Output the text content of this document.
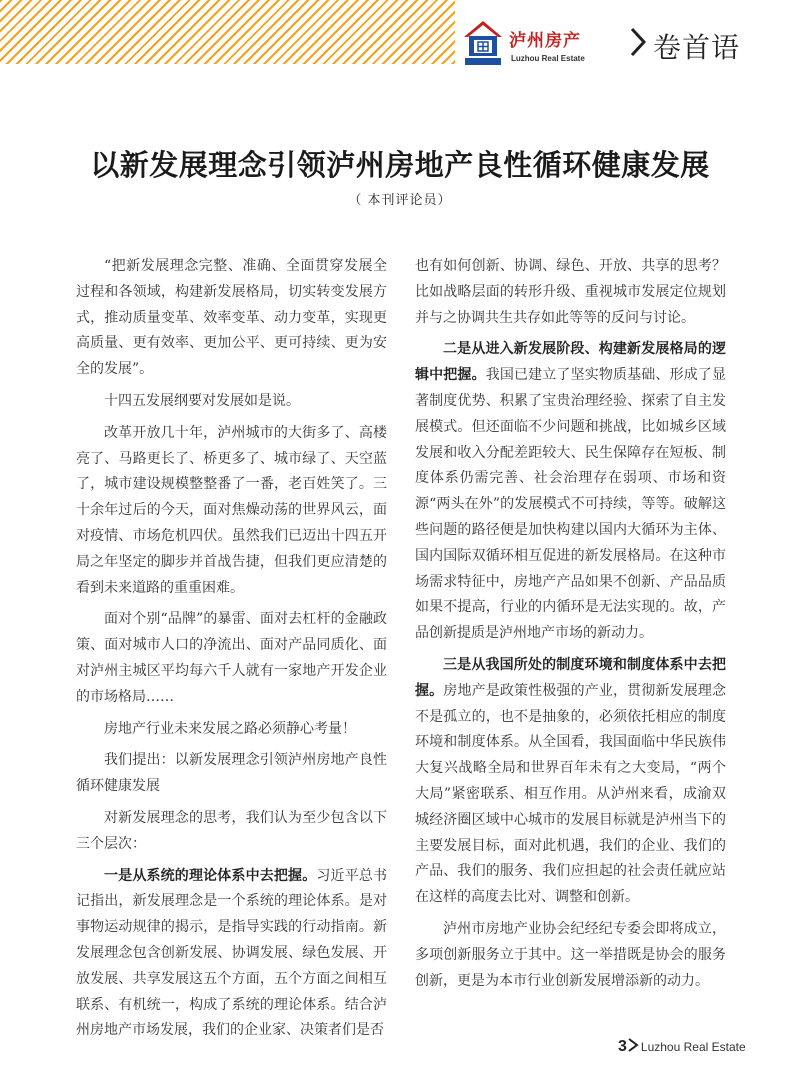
泸州房产
Luzhou Real Estate 卷首语
以新发展理念引领泸州房地产良性循环健康发展
（ 本刊评论员）

“把新发展理念完整、准确、全面贯穿发展全过程和各领域，构建新发展格局，切实转变发展方式，推动质量变革、效率变革、动力变革，实现更高质量、更有效率、更加公平、更可持续、更为安全的发展”。

十四五发展纲要对发展如是说。

改革开放几十年，泸州城市的大街多了、高楼亮了、马路更长了、桥更多了、城市绿了、天空蓝了，城市建设规模整整番了一番，老百姓笑了。三十余年过后的今天，面对焦燥动荡的世界风云，面对疫情、市场危机四伏。虽然我们已迈出十四五开局之年坚定的脚步并首战告捷，但我们更应清楚的看到未来道路的重重困难。

面对个别“品牌”的暴雷、面对去杠杆的金融政策、面对城市人口的净流出、面对产品同质化、面对泸州主城区平均每六千人就有一家地产开发企业的市场格局……

房地产行业未来发展之路必须静心考量！

我们提出：以新发展理念引领泸州房地产良性循环健康发展

对新发展理念的思考，我们认为至少包含以下三个层次：

一是从系统的理论体系中去把握。习近平总书记指出，新发展理念是一个系统的理论体系。是对事物运动规律的揭示，是指导实践的行动指南。新发展理念包含创新发展、协调发展、绿色发展、开放发展、共享发展这五个方面，五个方面之间相互联系、有机统一，构成了系统的理论体系。结合泸州房地产市场发展，我们的企业家、决策者们是否

也有如何创新、协调、绿色、开放、共享的思考？比如战略层面的转形升级、重视城市发展定位规划并与之协调共生共存如此等等的反问与讨论。

二是从进入新发展阶段、构建新发展格局的逻辑中把握。我国已建立了坚实物质基础、形成了显著制度优势、积累了宝贵治理经验、探索了自主发展模式。但还面临不少问题和挑战，比如城乡区域发展和收入分配差距较大、民生保障存在短板、制度体系仍需完善、社会治理存在弱项、市场和资源“两头在外”的发展模式不可持续，等等。破解这些问题的路径便是加快构建以国内大循环为主体、国内国际双循环相互促进的新发展格局。在这种市场需求特征中，房地产产品如果不创新、产品品质如果不提高，行业的内循环是无法实现的。故，产品创新提质是泸州地产市场的新动力。

三是从我国所处的制度环境和制度体系中去把握。房地产是政策性极强的产业，贯彻新发展理念不是孤立的，也不是抽象的，必须依托相应的制度环境和制度体系。从全国看，我国面临中华民族伟大复兴战略全局和世界百年未有之大变局，“两个大局”紧密联系、相互作用。从泸州来看，成渝双城经济圈区域中心城市的发展目标就是泸州当下的主要发展目标，面对此机遇，我们的企业、我们的产品、我们的服务、我们应担起的社会责任就应站在这样的高度去比对、调整和创新。

泸州市房地产业协会纪经纪专委会即将成立，多项创新服务立于其中。这一举措既是协会的服务创新，更是为本市行业创新发展增添新的动力。

3 Luzhou Real Estate
